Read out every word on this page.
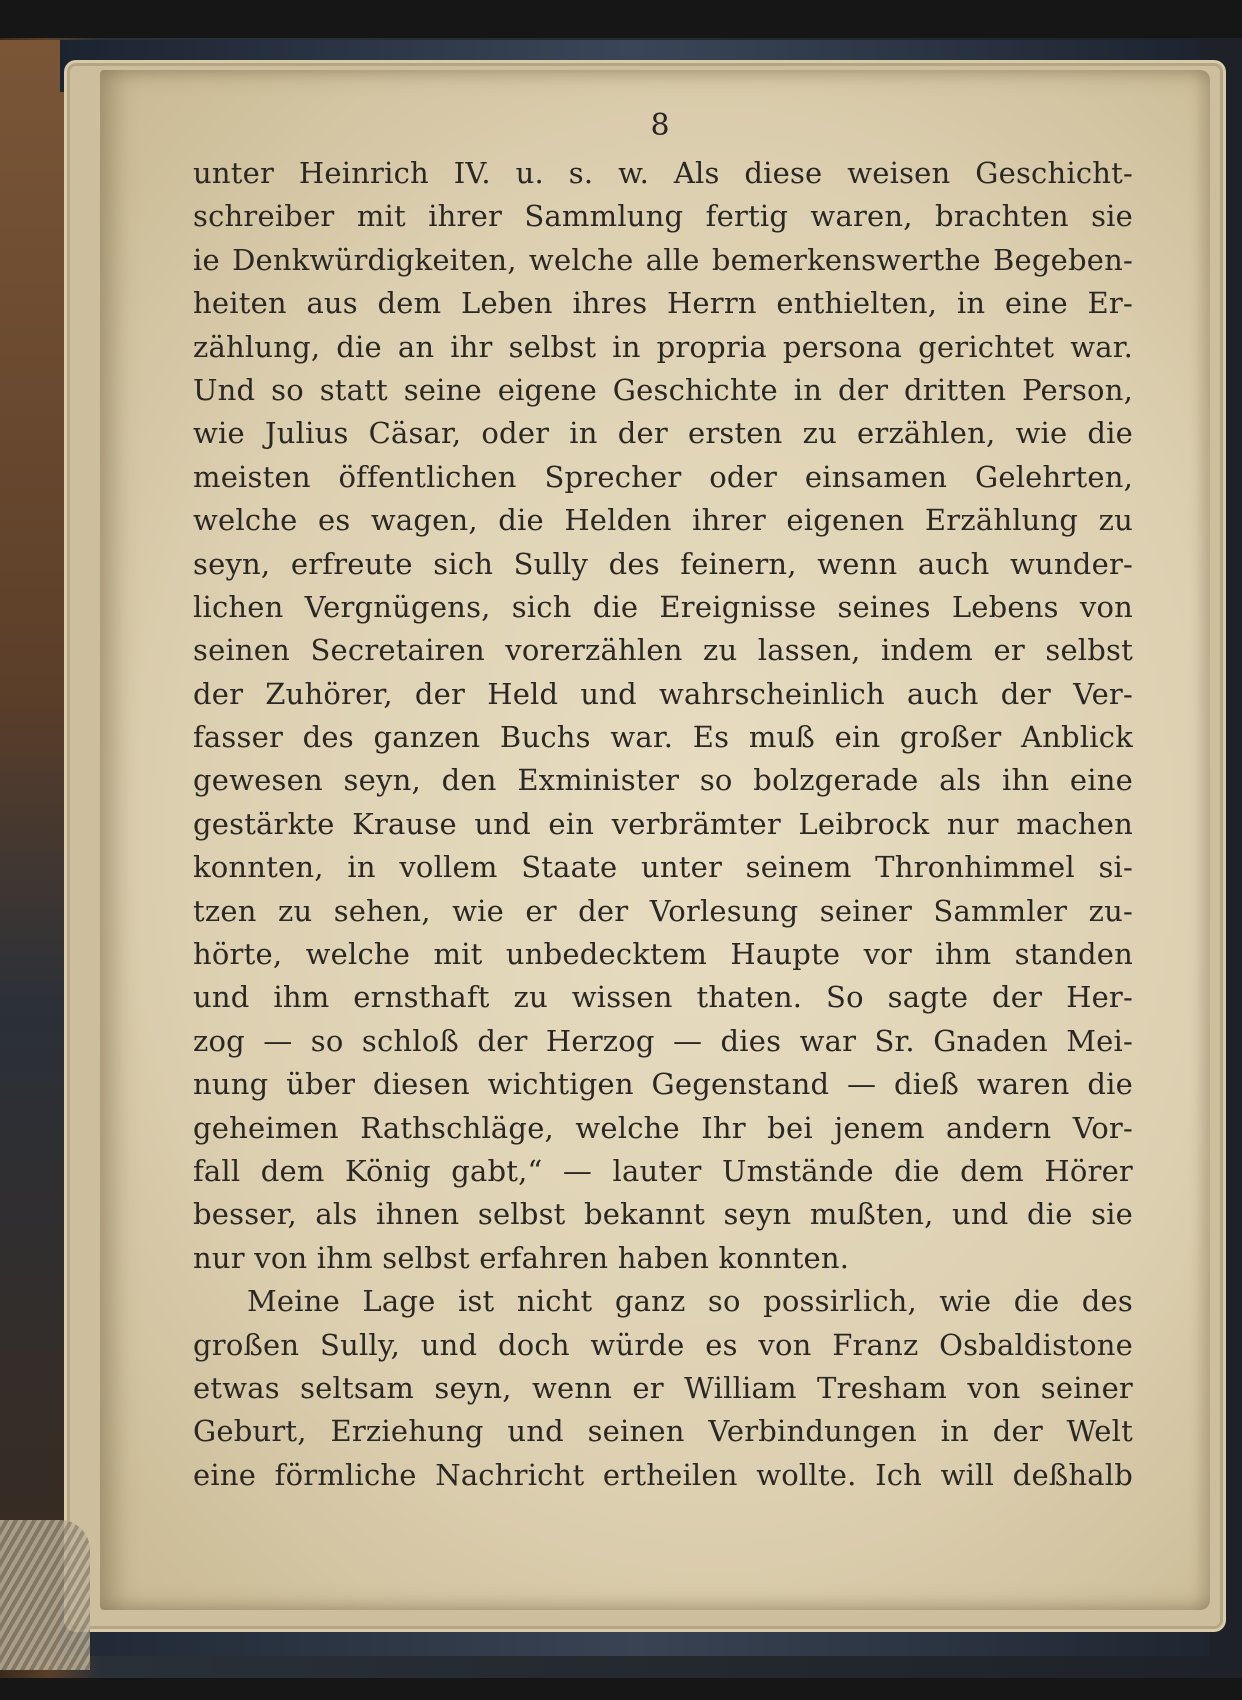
8
unter Heinrich IV. u. s. w. Als diese weisen Geschicht-
schreiber mit ihrer Sammlung fertig waren, brachten sie
ie Denkwürdigkeiten, welche alle bemerkenswerthe Begeben-
heiten aus dem Leben ihres Herrn enthielten, in eine Er-
zählung, die an ihr selbst in propria persona gerichtet war.
Und so statt seine eigene Geschichte in der dritten Person,
wie Julius Cäsar, oder in der ersten zu erzählen, wie die
meisten öffentlichen Sprecher oder einsamen Gelehrten,
welche es wagen, die Helden ihrer eigenen Erzählung zu
seyn, erfreute sich Sully des feinern, wenn auch wunder-
lichen Vergnügens, sich die Ereignisse seines Lebens von
seinen Secretairen vorerzählen zu lassen, indem er selbst
der Zuhörer, der Held und wahrscheinlich auch der Ver-
fasser des ganzen Buchs war. Es muß ein großer Anblick
gewesen seyn, den Exminister so bolzgerade als ihn eine
gestärkte Krause und ein verbrämter Leibrock nur machen
konnten, in vollem Staate unter seinem Thronhimmel si-
tzen zu sehen, wie er der Vorlesung seiner Sammler zu-
hörte, welche mit unbedecktem Haupte vor ihm standen
und ihm ernsthaft zu wissen thaten. So sagte der Her-
zog — so schloß der Herzog — dies war Sr. Gnaden Mei-
nung über diesen wichtigen Gegenstand — dieß waren die
geheimen Rathschläge, welche Ihr bei jenem andern Vor-
fall dem König gabt,“ — lauter Umstände die dem Hörer
besser, als ihnen selbst bekannt seyn mußten, und die sie
nur von ihm selbst erfahren haben konnten.
Meine Lage ist nicht ganz so possirlich, wie die des
großen Sully, und doch würde es von Franz Osbaldistone
etwas seltsam seyn, wenn er William Tresham von seiner
Geburt, Erziehung und seinen Verbindungen in der Welt
eine förmliche Nachricht ertheilen wollte. Ich will deßhalb
